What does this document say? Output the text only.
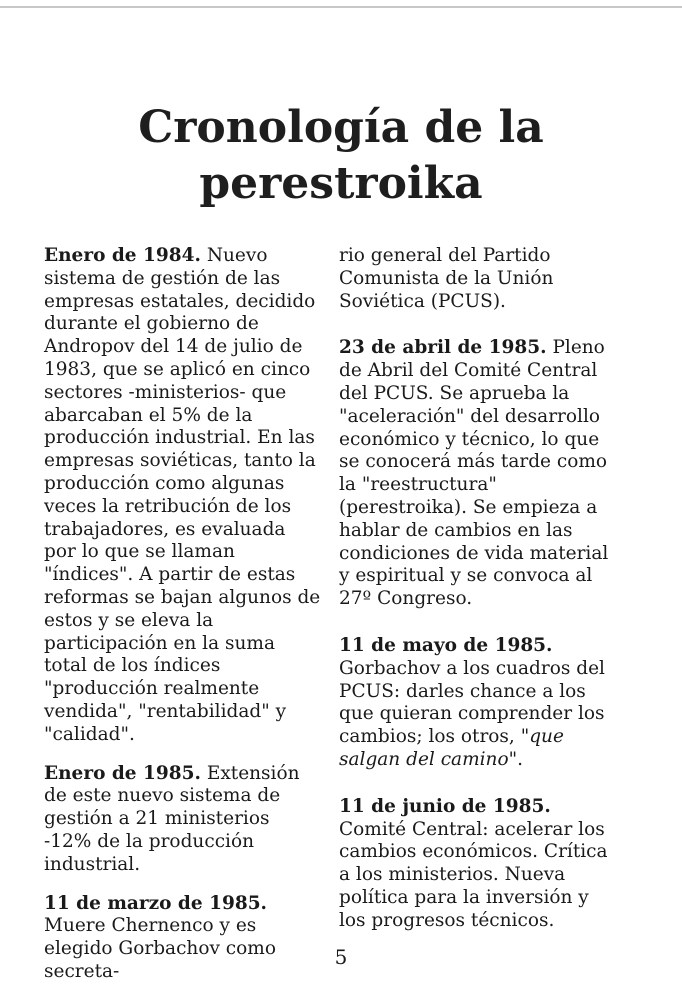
Cronología de la
perestroika

Enero de 1984. Nuevo sistema de gestión de las empresas estatales, decidido durante el gobierno de Andropov del 14 de julio de 1983, que se aplicó en cinco sectores -ministerios- que abarcaban el 5% de la producción industrial. En las empresas soviéticas, tanto la producción como algunas veces la retribución de los trabajadores, es evaluada por lo que se llaman "índices". A partir de estas reformas se bajan algunos de estos y se eleva la participación en la suma total de los índices "producción realmente vendida", "rentabilidad" y "calidad".

Enero de 1985. Extensión de este nuevo sistema de gestión a 21 ministerios -12% de la producción industrial.

11 de marzo de 1985. Muere Chernenco y es elegido Gorbachov como secreta-

rio general del Partido Comunista de la Unión Soviética (PCUS).

23 de abril de 1985. Pleno de Abril del Comité Central del PCUS. Se aprueba la "aceleración" del desarrollo económico y técnico, lo que se conocerá más tarde como la "reestructura" (perestroika). Se empieza a hablar de cambios en las condiciones de vida material y espiritual y se convoca al 27º Congreso.

11 de mayo de 1985. Gorbachov a los cuadros del PCUS: darles chance a los que quieran comprender los cambios; los otros, "que salgan del camino".

11 de junio de 1985. Comité Central: acelerar los cambios económicos. Crítica a los ministerios. Nueva política para la inversión y los progresos técnicos.

5
